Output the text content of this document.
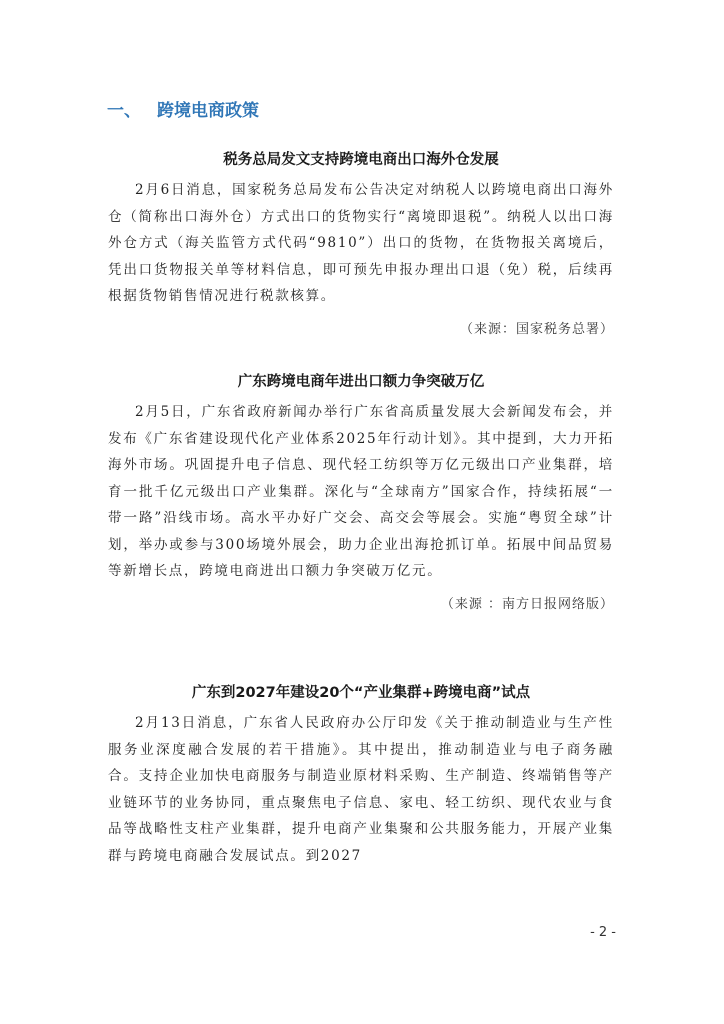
一、 跨境电商政策
税务总局发文支持跨境电商出口海外仓发展
2月6日消息，国家税务总局发布公告决定对纳税人以跨境电商出口海外仓（简称出口海外仓）方式出口的货物实行“离境即退税”。纳税人以出口海外仓方式（海关监管方式代码“9810”）出口的货物，在货物报关离境后，凭出口货物报关单等材料信息，即可预先申报办理出口退（免）税，后续再根据货物销售情况进行税款核算。
（来源：国家税务总署）
广东跨境电商年进出口额力争突破万亿
2月5日，广东省政府新闻办举行广东省高质量发展大会新闻发布会，并发布《广东省建设现代化产业体系2025年行动计划》。其中提到，大力开拓海外市场。巩固提升电子信息、现代轻工纺织等万亿元级出口产业集群，培育一批千亿元级出口产业集群。深化与“全球南方”国家合作，持续拓展“一带一路”沿线市场。高水平办好广交会、高交会等展会。实施“粤贸全球”计划，举办或参与300场境外展会，助力企业出海抢抓订单。拓展中间品贸易等新增长点，跨境电商进出口额力争突破万亿元。
（来源 ：南方日报网络版）
广东到2027年建设20个“产业集群+跨境电商”试点
2月13日消息，广东省人民政府办公厅印发《关于推动制造业与生产性服务业深度融合发展的若干措施》。其中提出，推动制造业与电子商务融合。支持企业加快电商服务与制造业原材料采购、生产制造、终端销售等产业链环节的业务协同，重点聚焦电子信息、家电、轻工纺织、现代农业与食品等战略性支柱产业集群，提升电商产业集聚和公共服务能力，开展产业集群与跨境电商融合发展试点。到2027
- 2 -
